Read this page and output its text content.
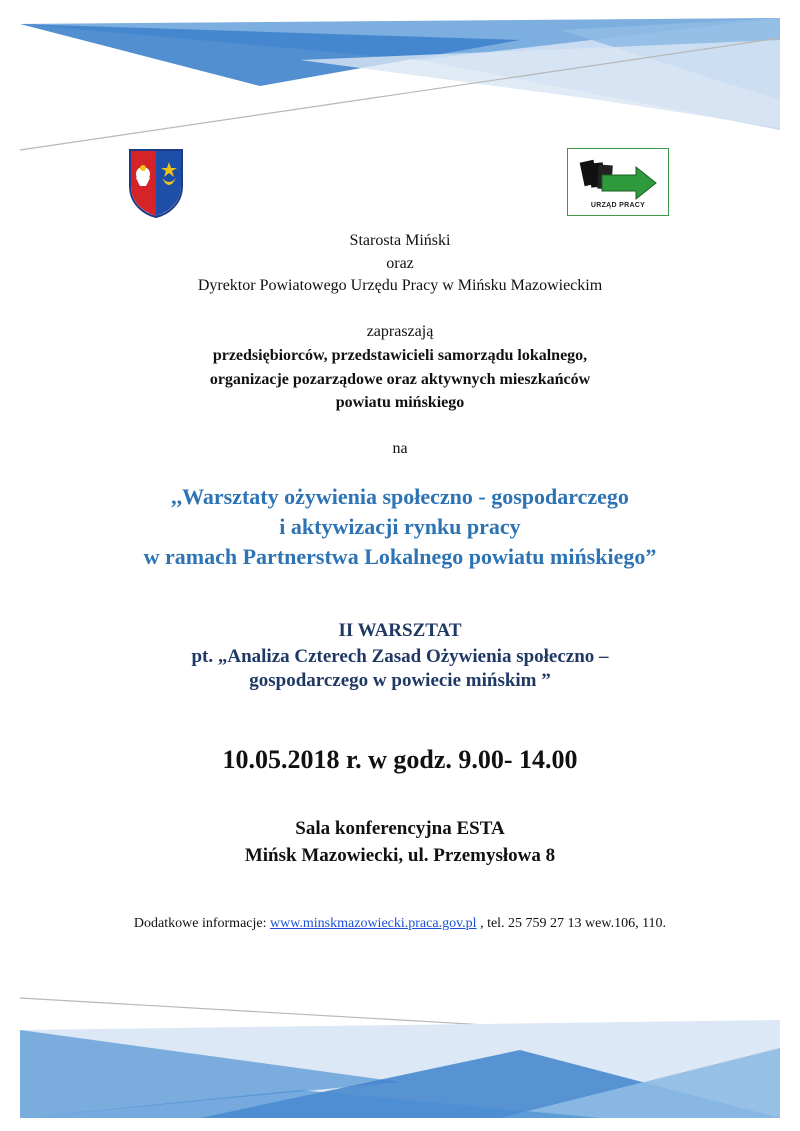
URZĄD PRACY
Starosta Miński
oraz
Dyrektor Powiatowego Urzędu Pracy w Mińsku Mazowieckim
zapraszają
przedsiębiorców, przedstawicieli samorządu lokalnego,
organizacje pozarządowe oraz aktywnych mieszkańców
powiatu mińskiego
na
,,Warsztaty ożywienia społeczno - gospodarczego
i aktywizacji rynku pracy
w ramach Partnerstwa Lokalnego powiatu mińskiego”
II WARSZTAT
pt. „Analiza Czterech Zasad Ożywienia społeczno –
gospodarczego w powiecie mińskim ”
10.05.2018 r. w godz. 9.00- 14.00
Sala konferencyjna ESTA
Mińsk Mazowiecki, ul. Przemysłowa 8
Dodatkowe informacje: www.minskmazowiecki.praca.gov.pl , tel. 25 759 27 13 wew.106, 110.
